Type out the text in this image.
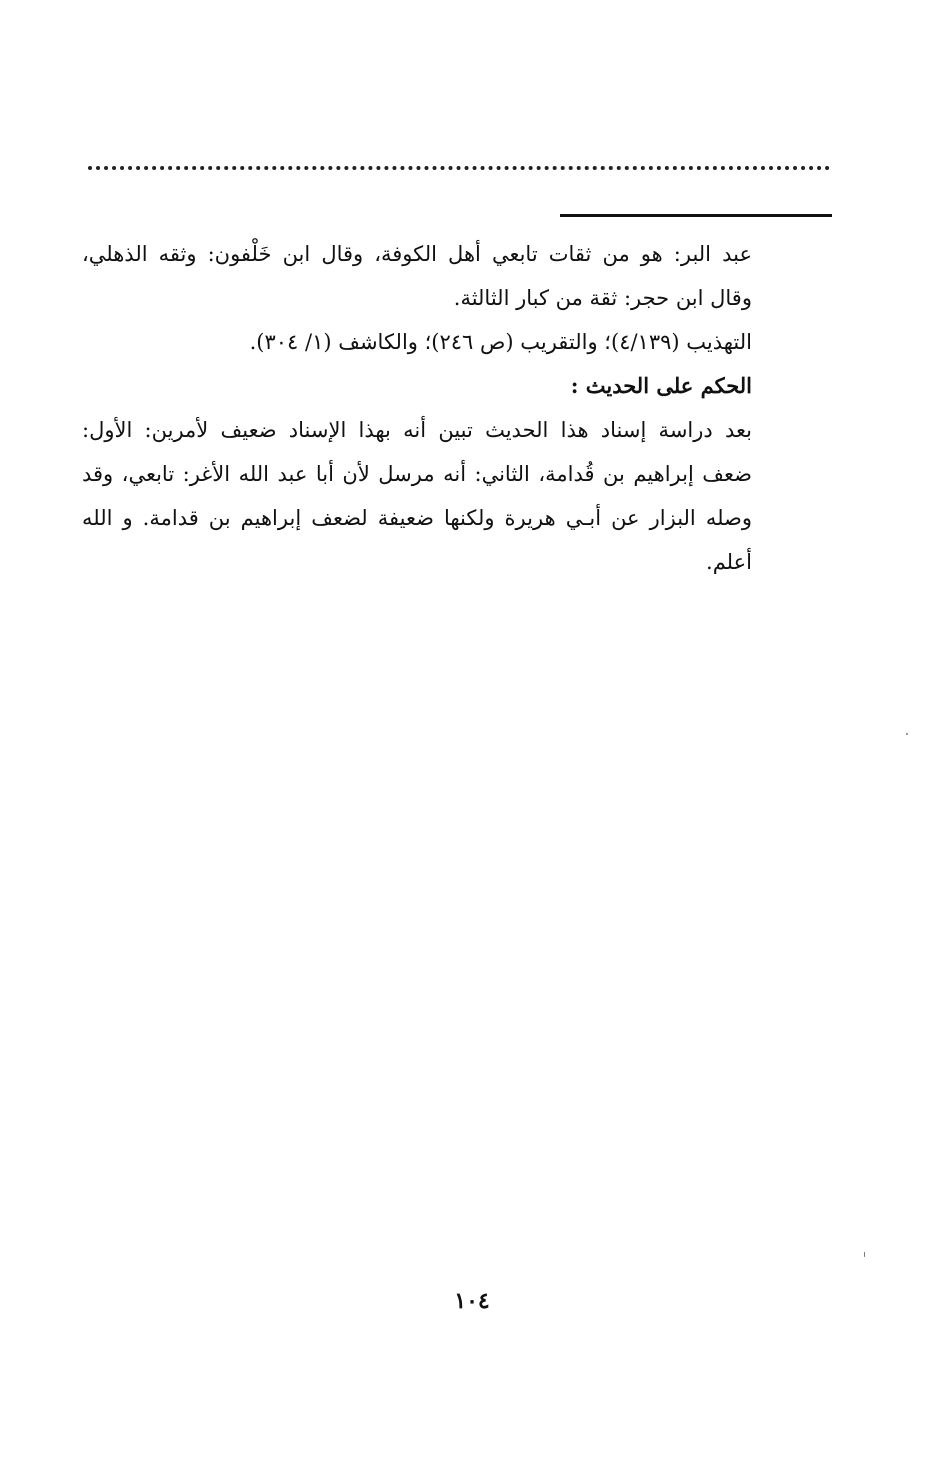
عبد البر: هو من ثقات تابعي أهل الكوفة، وقال ابن خَلْفون: وثقه الذهلي،
وقال ابن حجر: ثقة من كبار الثالثة.
التهذيب (٤/١٣٩)؛ والتقريب (ص ٢٤٦)؛ والكاشف (١/ ٣٠٤).
الحكم على الحديث :
بعد دراسة إسناد هذا الحديث تبين أنه بهذا الإسناد ضعيف لأمرين: الأول:
ضعف إبراهيم بن قُدامة، الثاني: أنه مرسل لأن أبا عبد الله الأغر: تابعي، وقد
وصله البزار عن أبـي هريرة ولكنها ضعيفة لضعف إبراهيم بن قدامة. و الله
أعلم.
١٠٤
